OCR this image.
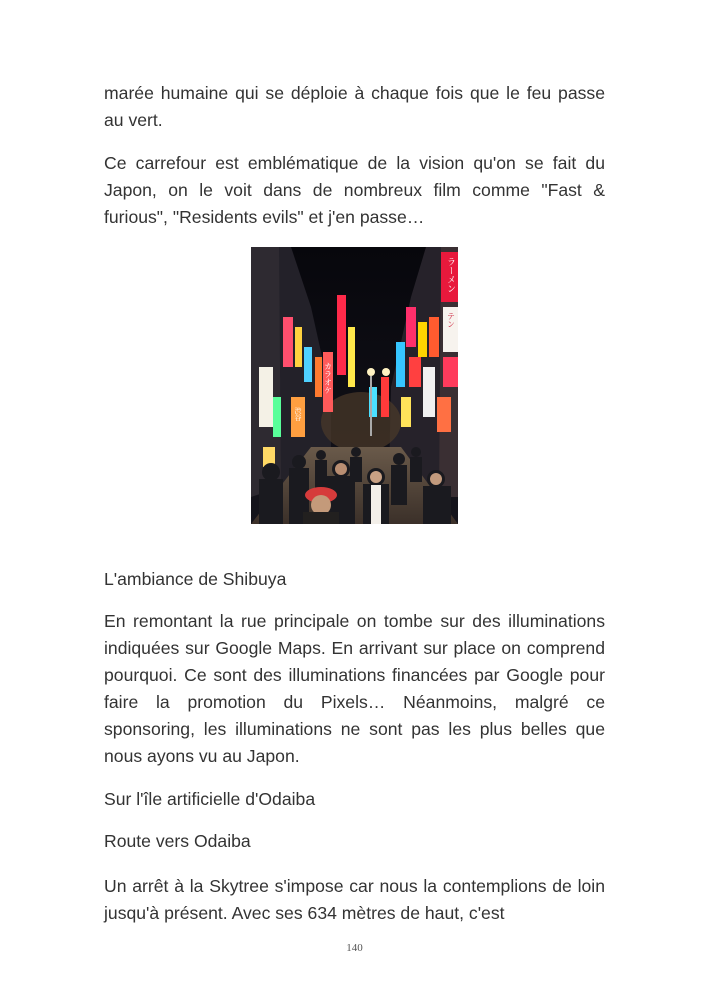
marée humaine qui se déploie à chaque fois que le feu passe au vert.

Ce carrefour est emblématique de la vision qu'on se fait du Japon, on le voit dans de nombreux film comme "Fast & furious", "Residents evils" et j'en passe…

カラオケ
渋谷
ラーメン
テン
L'ambiance de Shibuya

En remontant la rue principale on tombe sur des illuminations indiquées sur Google Maps. En arrivant sur place on comprend pourquoi. Ce sont des illuminations financées par Google pour faire la promotion du Pixels… Néanmoins, malgré ce sponsoring, les illuminations ne sont pas les plus belles que nous ayons vu au Japon.

Sur l'île artificielle d'Odaiba
Route vers Odaiba

Un arrêt à la Skytree s'impose car nous la contemplions de loin jusqu'à présent. Avec ses 634 mètres de haut, c'est

140
